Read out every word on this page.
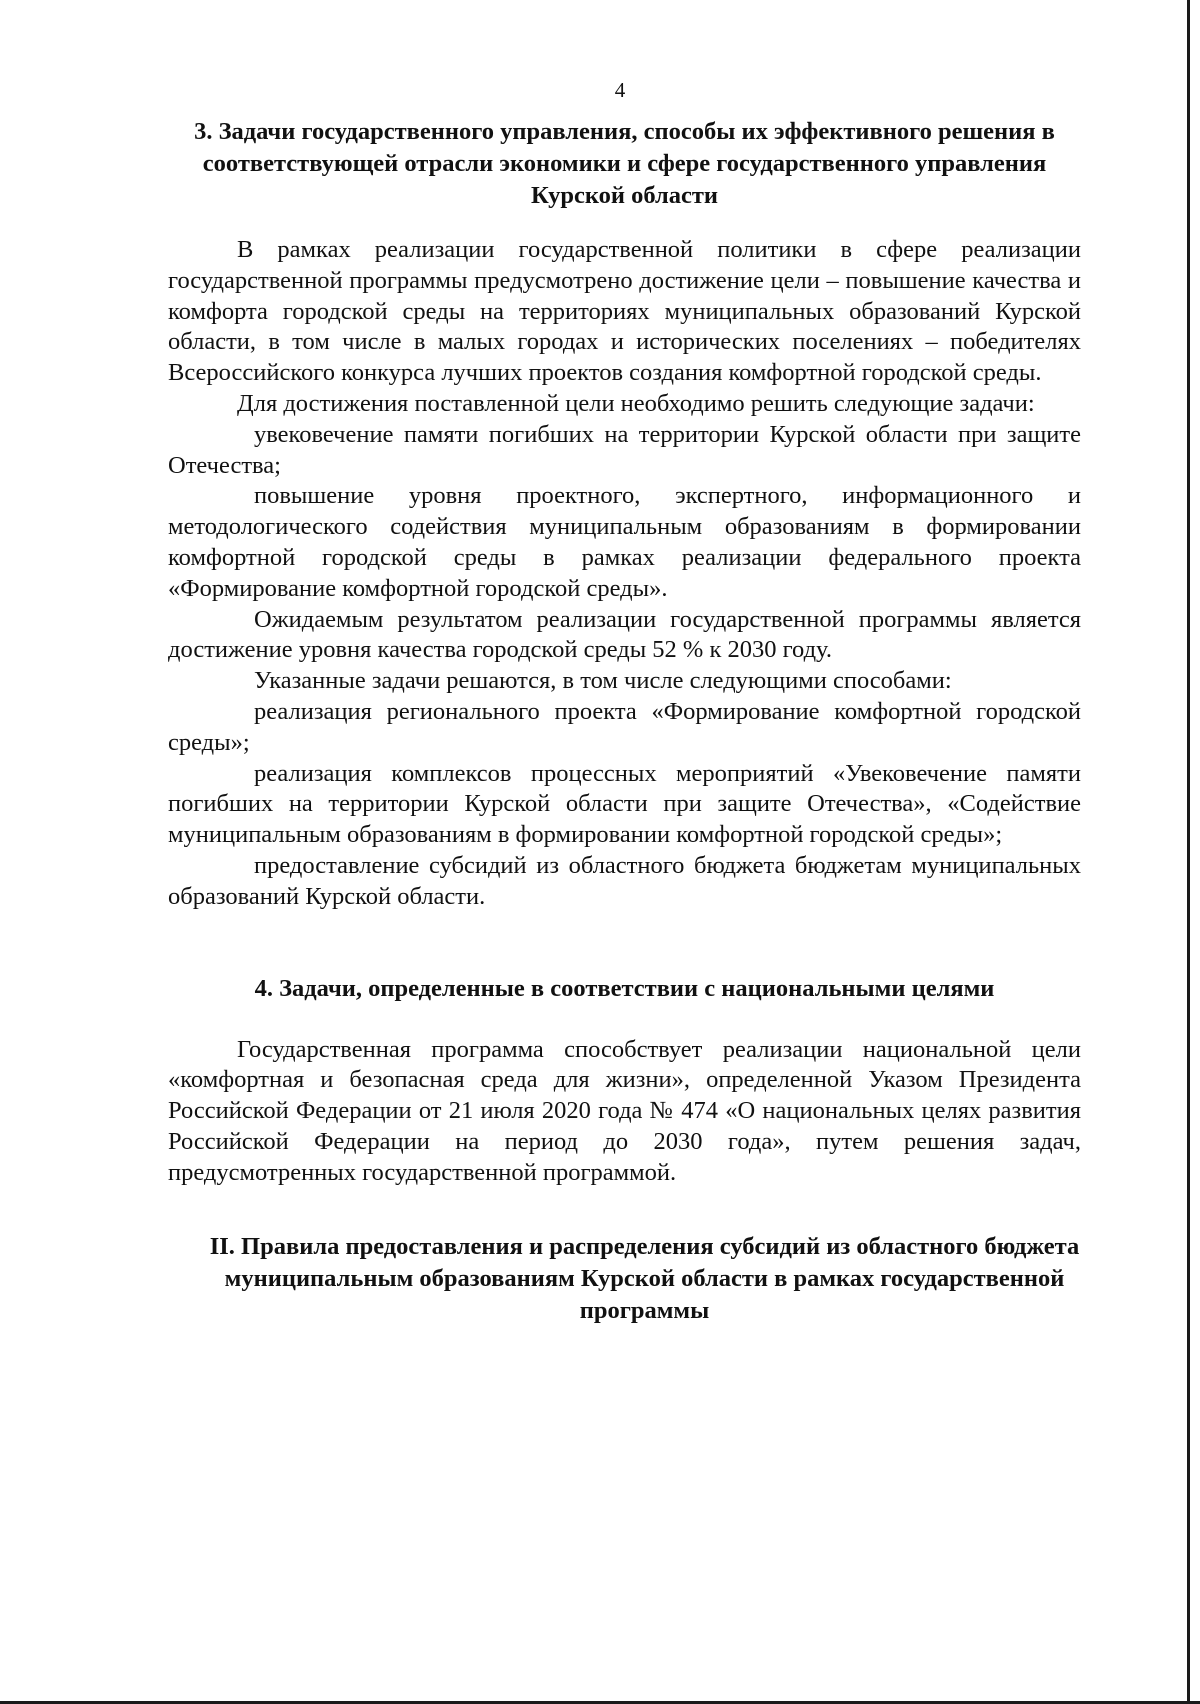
4
3. Задачи государственного управления, способы их эффективного решения в соответствующей отрасли экономики и сфере государственного управления Курской области

В рамках реализации государственной политики в сфере реализации государственной программы предусмотрено достижение цели – повышение качества и комфорта городской среды на территориях муниципальных образований Курской области, в том числе в малых городах и исторических поселениях – победителях Всероссийского конкурса лучших проектов создания комфортной городской среды.

Для достижения поставленной цели необходимо решить следующие задачи:

увековечение памяти погибших на территории Курской области при защите Отечества;

повышение уровня проектного, экспертного, информационного и методологического содействия муниципальным образованиям в формировании комфортной городской среды в рамках реализации федерального проекта «Формирование комфортной городской среды».

Ожидаемым результатом реализации государственной программы является достижение уровня качества городской среды 52 % к 2030 году.

Указанные задачи решаются, в том числе следующими способами:

реализация регионального проекта «Формирование комфортной городской среды»;

реализация комплексов процессных мероприятий «Увековечение памяти погибших на территории Курской области при защите Отечества», «Содействие муниципальным образованиям в формировании комфортной городской среды»;

предоставление субсидий из областного бюджета бюджетам муниципальных образований Курской области.

4. Задачи, определенные в соответствии с национальными целями

Государственная программа способствует реализации национальной цели «комфортная и безопасная среда для жизни», определенной Указом Президента Российской Федерации от 21 июля 2020 года № 474 «О национальных целях развития Российской Федерации на период до 2030 года», путем решения задач, предусмотренных государственной программой.

II. Правила предоставления и распределения субсидий из областного бюджета муниципальным образованиям Курской области в рамках государственной программы
